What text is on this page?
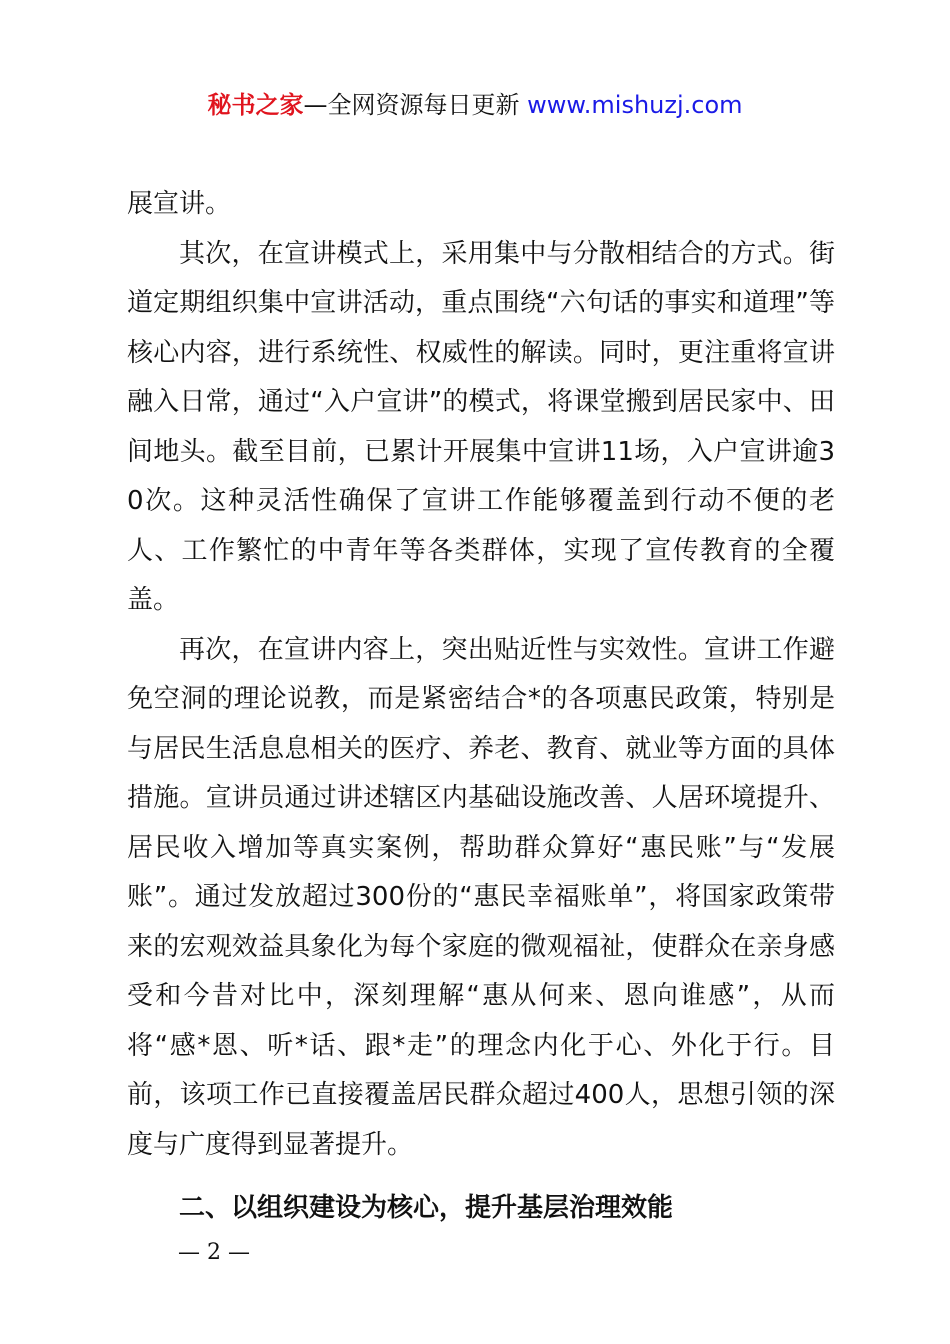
秘书之家—全网资源每日更新 www.mishuzj.com

展宣讲。

其次，在宣讲模式上，采用集中与分散相结合的方式。街道定期组织集中宣讲活动，重点围绕“六句话的事实和道理”等核心内容，进行系统性、权威性的解读。同时，更注重将宣讲融入日常，通过“入户宣讲”的模式，将课堂搬到居民家中、田间地头。截至目前，已累计开展集中宣讲11场，入户宣讲逾30次。这种灵活性确保了宣讲工作能够覆盖到行动不便的老人、工作繁忙的中青年等各类群体，实现了宣传教育的全覆盖。

再次，在宣讲内容上，突出贴近性与实效性。宣讲工作避免空洞的理论说教，而是紧密结合*的各项惠民政策，特别是与居民生活息息相关的医疗、养老、教育、就业等方面的具体措施。宣讲员通过讲述辖区内基础设施改善、人居环境提升、居民收入增加等真实案例，帮助群众算好“惠民账”与“发展账”。通过发放超过300份的“惠民幸福账单”，将国家政策带来的宏观效益具象化为每个家庭的微观福祉，使群众在亲身感受和今昔对比中，深刻理解“惠从何来、恩向谁感”，从而将“感*恩、听*话、跟*走”的理念内化于心、外化于行。目前，该项工作已直接覆盖居民群众超过400人，思想引领的深度与广度得到显著提升。

二、以组织建设为核心，提升基层治理效能

— 2 —
